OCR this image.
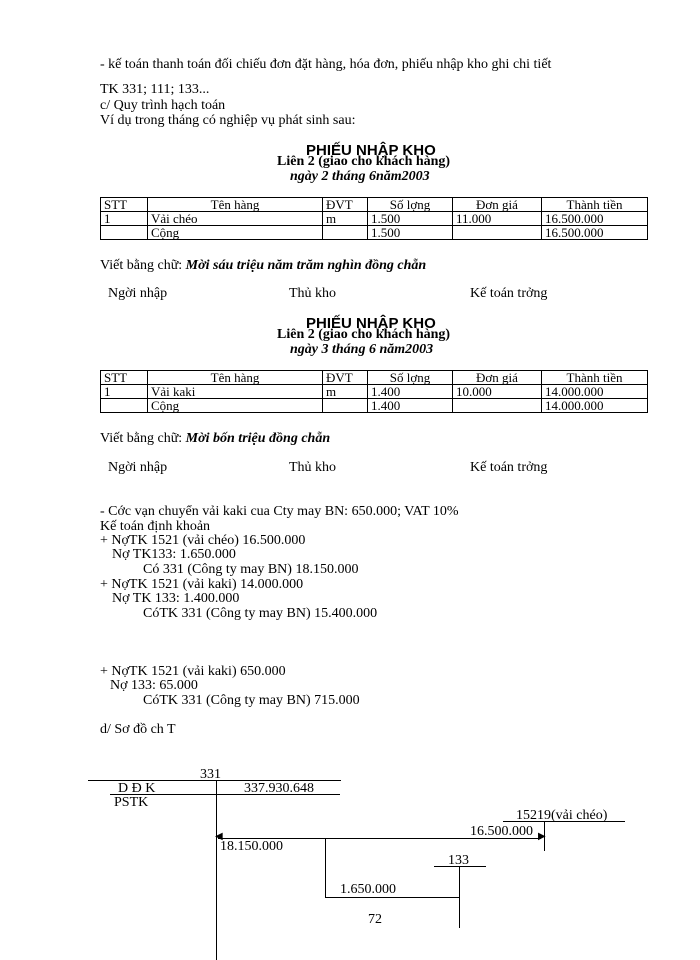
- kế toán thanh toán đối chiếu đơn đặt hàng, hóa đơn, phiếu nhập kho ghi chi tiết
TK 331; 111; 133...
c/ Quy trình hạch toán
Ví dụ trong tháng có nghiệp vụ phát sinh sau:
PHIẾU NHẬP KHO
Liên 2 (giao cho khách hàng)
ngày 2 tháng 6năm2003
STT	Tên hàng	ĐVT	Số lợng	Đơn giá	Thành tiền
1	Vải chéo	m	1.500	11.000	16.500.000
	Cộng		1.500		16.500.000
Viết bằng chữ: Mời sáu triệu năm trăm nghìn đồng chẵn
Ngời nhập	Thủ kho	Kế toán trởng
PHIẾU NHẬP KHO
Liên 2 (giao cho khách hàng)
ngày 3 tháng 6 năm2003
STT	Tên hàng	ĐVT	Số lợng	Đơn giá	Thành tiền
1	Vải kaki	m	1.400	10.000	14.000.000
	Cộng		1.400		14.000.000
Viết bằng chữ: Mời bốn triệu đồng chẵn
Ngời nhập	Thủ kho	Kế toán trởng
- Cớc vạn chuyển vải kaki cua Cty may BN: 650.000; VAT 10%
Kế toán định khoản
+ NợTK 1521 (vải chéo) 16.500.000
Nợ TK133: 1.650.000
Có 331 (Công ty may BN) 18.150.000
+ NợTK 1521 (vải kaki) 14.000.000
Nợ TK 133: 1.400.000
CóTK 331 (Công ty may BN) 15.400.000
+ NợTK 1521 (vải kaki) 650.000
Nợ 133: 65.000
CóTK 331 (Công ty may BN) 715.000
d/ Sơ đồ ch T
331
D Đ K	337.930.648
PSTK
15219(vải chéo)
16.500.000 ▶
◀
18.150.000
133
1.650.000
72
